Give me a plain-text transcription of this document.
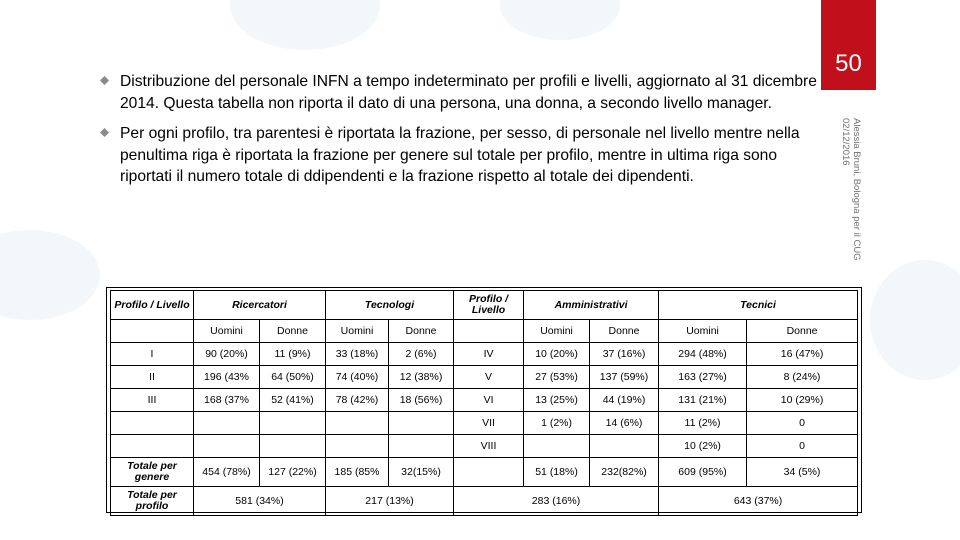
50
Alessia Bruni, Bologna per il CUG
02/12/2016
Distribuzione del personale INFN a tempo indeterminato per profili e livelli, aggiornato al 31 dicembre 2014. Questa tabella non riporta il dato di una persona, una donna, a secondo livello manager.
Per ogni profilo, tra parentesi è riportata la frazione, per sesso, di personale nel livello mentre nella penultima riga è riportata la frazione per genere sul totale per profilo, mentre in ultima riga sono riportati il numero totale di ddipendenti e la frazione rispetto al totale dei dipendenti.
Profilo / Livello	Ricercatori		Tecnologi		Profilo / Livello	Amministrativi		Tecnici	
	Uomini	Donne	Uomini	Donne		Uomini	Donne	Uomini	Donne
I	90 (20%)	11 (9%)	33 (18%)	2 (6%)	IV	10 (20%)	37 (16%)	294 (48%)	16 (47%)
II	196 (43%	64 (50%)	74 (40%)	12 (38%)	V	27 (53%)	137 (59%)	163 (27%)	8 (24%)
III	168 (37%	52 (41%)	78 (42%)	18 (56%)	VI	13 (25%)	44 (19%)	131 (21%)	10 (29%)
					VII	1 (2%)	14 (6%)	11 (2%)	0
					VIII			10 (2%)	0
Totale per genere	454 (78%)	127 (22%)	185 (85%	32(15%)		51 (18%)	232(82%)	609 (95%)	34 (5%)
Totale per profilo	581 (34%)		217 (13%)		283 (16%)			643 (37%)	
